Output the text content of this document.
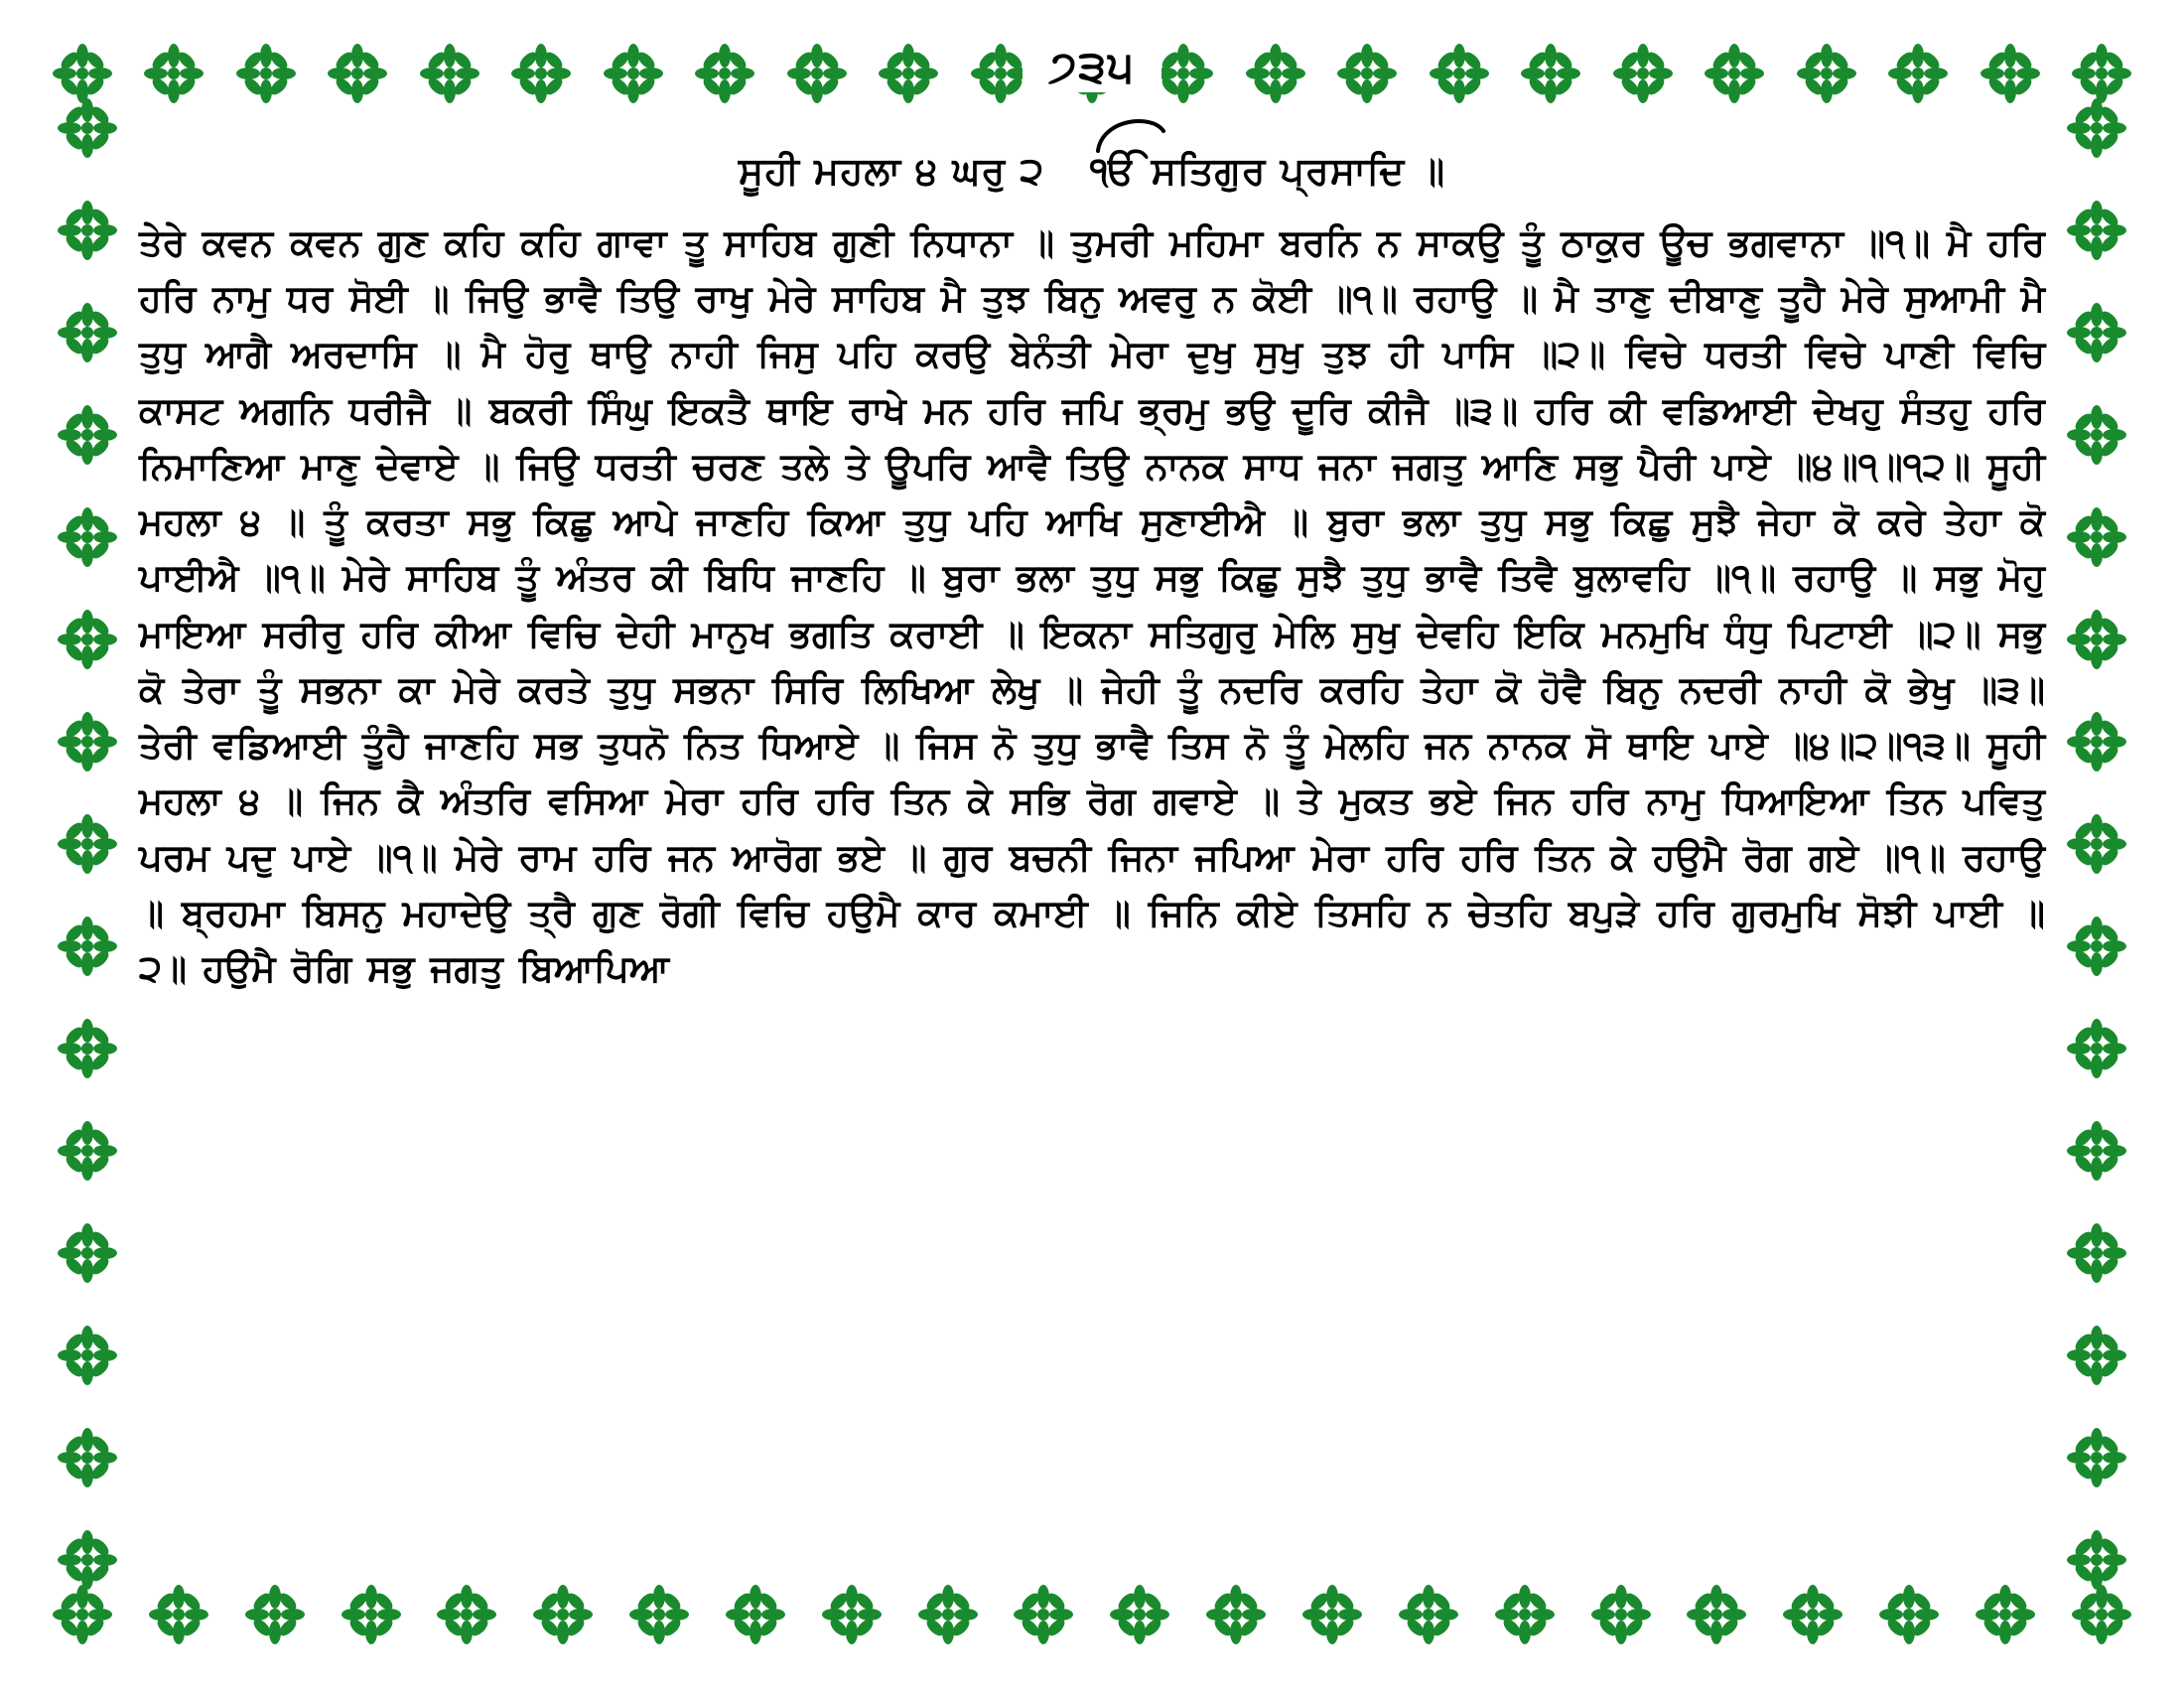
੭੩੫
ਸੂਹੀ ਮਹਲਾ ੪ ਘਰੁ ੨ ੴ ਸਤਿਗੁਰ ਪ੍ਰਸਾਦਿ ॥

ਤੇਰੇ ਕਵਨ ਕਵਨ ਗੁਣ ਕਹਿ ਕਹਿ ਗਾਵਾ ਤੂ ਸਾਹਿਬ ਗੁਣੀ ਨਿਧਾਨਾ ॥ ਤੁਮਰੀ ਮਹਿਮਾ ਬਰਨਿ ਨ ਸਾਕਉ ਤੂੰ ਠਾਕੁਰ ਊਚ ਭਗਵਾਨਾ ॥੧॥ ਮੈ ਹਰਿ ਹਰਿ ਨਾਮੁ ਧਰ ਸੋਈ ॥ ਜਿਉ ਭਾਵੈ ਤਿਉ ਰਾਖੁ ਮੇਰੇ ਸਾਹਿਬ ਮੈ ਤੁਝ ਬਿਨੁ ਅਵਰੁ ਨ ਕੋਈ ॥੧॥ ਰਹਾਉ ॥ ਮੈ ਤਾਣੁ ਦੀਬਾਣੁ ਤੂਹੈ ਮੇਰੇ ਸੁਆਮੀ ਮੈ ਤੁਧੁ ਆਗੈ ਅਰਦਾਸਿ ॥ ਮੈ ਹੋਰੁ ਥਾਉ ਨਾਹੀ ਜਿਸੁ ਪਹਿ ਕਰਉ ਬੇਨੰਤੀ ਮੇਰਾ ਦੁਖੁ ਸੁਖੁ ਤੁਝ ਹੀ ਪਾਸਿ ॥੨॥ ਵਿਚੇ ਧਰਤੀ ਵਿਚੇ ਪਾਣੀ ਵਿਚਿ ਕਾਸਟ ਅਗਨਿ ਧਰੀਜੈ ॥ ਬਕਰੀ ਸਿੰਘੁ ਇਕਤੈ ਥਾਇ ਰਾਖੇ ਮਨ ਹਰਿ ਜਪਿ ਭ੍ਰਮੁ ਭਉ ਦੂਰਿ ਕੀਜੈ ॥੩॥ ਹਰਿ ਕੀ ਵਡਿਆਈ ਦੇਖਹੁ ਸੰਤਹੁ ਹਰਿ ਨਿਮਾਣਿਆ ਮਾਣੁ ਦੇਵਾਏ ॥ ਜਿਉ ਧਰਤੀ ਚਰਣ ਤਲੇ ਤੇ ਊਪਰਿ ਆਵੈ ਤਿਉ ਨਾਨਕ ਸਾਧ ਜਨਾ ਜਗਤੁ ਆਣਿ ਸਭੁ ਪੈਰੀ ਪਾਏ ॥੪॥੧॥੧੨॥ ਸੂਹੀ ਮਹਲਾ ੪ ॥ ਤੂੰ ਕਰਤਾ ਸਭੁ ਕਿਛੁ ਆਪੇ ਜਾਣਹਿ ਕਿਆ ਤੁਧੁ ਪਹਿ ਆਖਿ ਸੁਣਾਈਐ ॥ ਬੁਰਾ ਭਲਾ ਤੁਧੁ ਸਭੁ ਕਿਛੁ ਸੁਝੈ ਜੇਹਾ ਕੋ ਕਰੇ ਤੇਹਾ ਕੋ ਪਾਈਐ ॥੧॥ ਮੇਰੇ ਸਾਹਿਬ ਤੂੰ ਅੰਤਰ ਕੀ ਬਿਧਿ ਜਾਣਹਿ ॥ ਬੁਰਾ ਭਲਾ ਤੁਧੁ ਸਭੁ ਕਿਛੁ ਸੁਝੈ ਤੁਧੁ ਭਾਵੈ ਤਿਵੈ ਬੁਲਾਵਹਿ ॥੧॥ ਰਹਾਉ ॥ ਸਭੁ ਮੋਹੁ ਮਾਇਆ ਸਰੀਰੁ ਹਰਿ ਕੀਆ ਵਿਚਿ ਦੇਹੀ ਮਾਨੁਖ ਭਗਤਿ ਕਰਾਈ ॥ ਇਕਨਾ ਸਤਿਗੁਰੁ ਮੇਲਿ ਸੁਖੁ ਦੇਵਹਿ ਇਕਿ ਮਨਮੁਖਿ ਧੰਧੁ ਪਿਟਾਈ ॥੨॥ ਸਭੁ ਕੋ ਤੇਰਾ ਤੂੰ ਸਭਨਾ ਕਾ ਮੇਰੇ ਕਰਤੇ ਤੁਧੁ ਸਭਨਾ ਸਿਰਿ ਲਿਖਿਆ ਲੇਖੁ ॥ ਜੇਹੀ ਤੂੰ ਨਦਰਿ ਕਰਹਿ ਤੇਹਾ ਕੋ ਹੋਵੈ ਬਿਨੁ ਨਦਰੀ ਨਾਹੀ ਕੋ ਭੇਖੁ ॥੩॥ ਤੇਰੀ ਵਡਿਆਈ ਤੂੰਹੈ ਜਾਣਹਿ ਸਭ ਤੁਧਨੋ ਨਿਤ ਧਿਆਏ ॥ ਜਿਸ ਨੋ ਤੁਧੁ ਭਾਵੈ ਤਿਸ ਨੋ ਤੂੰ ਮੇਲਹਿ ਜਨ ਨਾਨਕ ਸੋ ਥਾਇ ਪਾਏ ॥੪॥੨॥੧੩॥ ਸੂਹੀ ਮਹਲਾ ੪ ॥ ਜਿਨ ਕੈ ਅੰਤਰਿ ਵਸਿਆ ਮੇਰਾ ਹਰਿ ਹਰਿ ਤਿਨ ਕੇ ਸਭਿ ਰੋਗ ਗਵਾਏ ॥ ਤੇ ਮੁਕਤ ਭਏ ਜਿਨ ਹਰਿ ਨਾਮੁ ਧਿਆਇਆ ਤਿਨ ਪਵਿਤੁ ਪਰਮ ਪਦੁ ਪਾਏ ॥੧॥ ਮੇਰੇ ਰਾਮ ਹਰਿ ਜਨ ਆਰੋਗ ਭਏ ॥ ਗੁਰ ਬਚਨੀ ਜਿਨਾ ਜਪਿਆ ਮੇਰਾ ਹਰਿ ਹਰਿ ਤਿਨ ਕੇ ਹਉਮੈ ਰੋਗ ਗਏ ॥੧॥ ਰਹਾਉ ॥ ਬ੍ਰਹਮਾ ਬਿਸਨੁ ਮਹਾਦੇਉ ਤ੍ਰੈ ਗੁਣ ਰੋਗੀ ਵਿਚਿ ਹਉਮੈ ਕਾਰ ਕਮਾਈ ॥ ਜਿਨਿ ਕੀਏ ਤਿਸਹਿ ਨ ਚੇਤਹਿ ਬਪੁੜੇ ਹਰਿ ਗੁਰਮੁਖਿ ਸੋਝੀ ਪਾਈ ॥੨॥ ਹਉਮੈ ਰੋਗਿ ਸਭੁ ਜਗਤੁ ਬਿਆਪਿਆ
